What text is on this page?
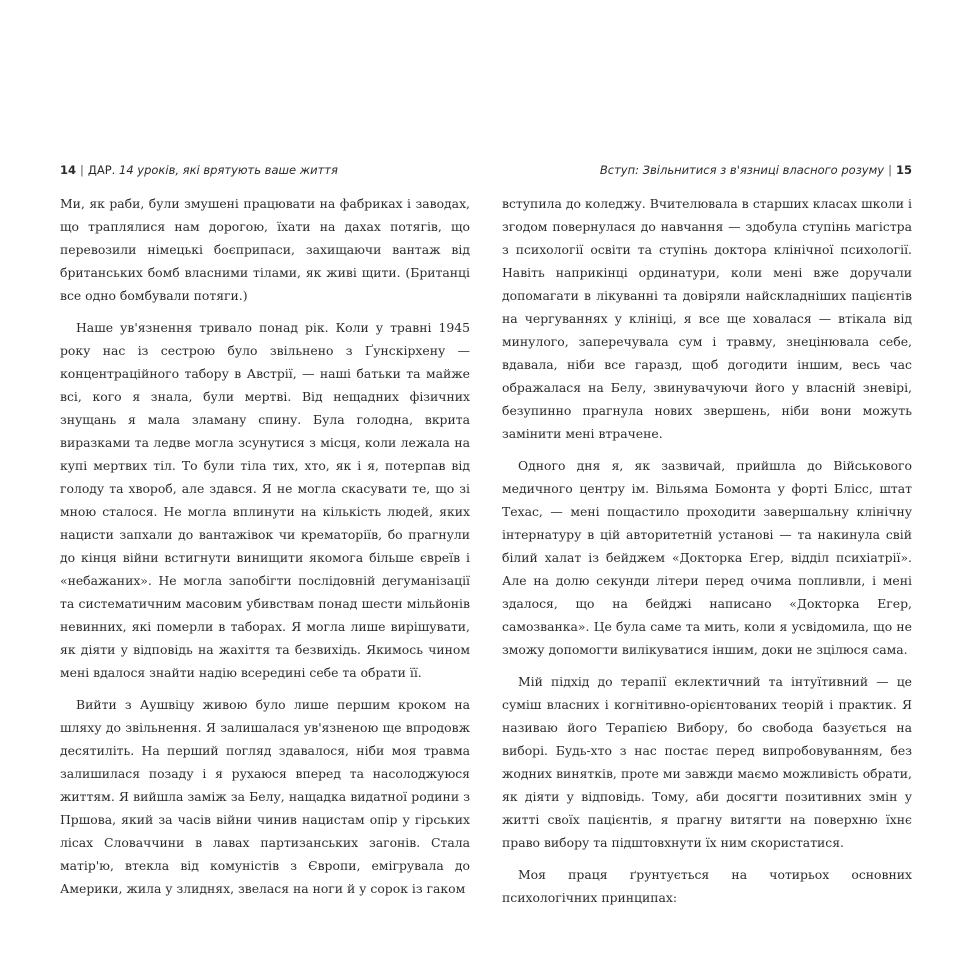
14 | ДАР. 14 уроків, які врятують ваше життя

Ми, як раби, були змушені працювати на фабриках і заводах, що траплялися нам дорогою, їхати на дахах потягів, що перевозили німецькі боєприпаси, захищаючи вантаж від британських бомб власними тілами, як живі щити. (Британці все одно бомбували потяги.)

Наше ув'язнення тривало понад рік. Коли у травні 1945 року нас із сестрою було звільнено з Ґунскірхену — концентраційного табору в Австрії, — наші батьки та майже всі, кого я знала, були мертві. Від нещадних фізичних знущань я мала зламану спину. Була голодна, вкрита виразками та ледве могла зсунутися з місця, коли лежала на купі мертвих тіл. То були тіла тих, хто, як і я, потерпав від голоду та хвороб, але здався. Я не могла скасувати те, що зі мною сталося. Не могла вплинути на кількість людей, яких нацисти запхали до вантажівок чи крематоріїв, бо прагнули до кінця війни встигнути винищити якомога більше євреїв і «небажаних». Не могла запобігти послідовній дегуманізації та систематичним масовим убивствам понад шести мільйонів невинних, які померли в таборах. Я могла лише вирішувати, як діяти у відповідь на жахіття та безвихідь. Якимось чином мені вдалося знайти надію всередині себе та обрати її.

Вийти з Аушвіцу живою було лише першим кроком на шляху до звільнення. Я залишалася ув'язненою ще впродовж десятиліть. На перший погляд здавалося, ніби моя травма залишилася позаду і я рухаюся вперед та насолоджуюся життям. Я вийшла заміж за Белу, нащадка видатної родини з Пршова, який за часів війни чинив нацистам опір у гірських лісах Словаччини в лавах партизанських загонів. Стала матір'ю, втекла від комуністів з Європи, емігрувала до Америки, жила у злиднях, звелася на ноги й у сорок із гаком

Вступ: Звільнитися з в'язниці власного розуму | 15

вступила до коледжу. Вчителювала в старших класах школи і згодом повернулася до навчання — здобула ступінь магістра з психології освіти та ступінь доктора клінічної психології. Навіть наприкінці ординатури, коли мені вже доручали допомагати в лікуванні та довіряли найскладніших пацієнтів на чергуваннях у клініці, я все ще ховалася — втікала від минулого, заперечувала сум і травму, знецінювала себе, вдавала, ніби все гаразд, щоб догодити іншим, весь час ображалася на Белу, звинувачуючи його у власній зневірі, безупинно прагнула нових звершень, ніби вони можуть замінити мені втрачене.

Одного дня я, як зазвичай, прийшла до Військового медичного центру ім. Вільяма Бомонта у форті Блісс, штат Техас, — мені пощастило проходити завершальну клінічну інтернатуру в цій авторитетній установі — та накинула свій білий халат із бейджем «Докторка Егер, відділ психіатрії». Але на долю секунди літери перед очима попливли, і мені здалося, що на бейджі написано «Докторка Егер, самозванка». Це була саме та мить, коли я усвідомила, що не зможу допомогти вилікуватися іншим, доки не зцілюся сама.

Мій підхід до терапії еклектичний та інтуїтивний — це суміш власних і когнітивно-орієнтованих теорій і практик. Я називаю його Терапією Вибору, бо свобода базується на виборі. Будь-хто з нас постає перед випробовуванням, без жодних винятків, проте ми завжди маємо можливість обрати, як діяти у відповідь. Тому, аби досягти позитивних змін у житті своїх пацієнтів, я прагну витягти на поверхню їхнє право вибору та підштовхнути їх ним скористатися.

Моя праця ґрунтується на чотирьох основних психологічних принципах:
